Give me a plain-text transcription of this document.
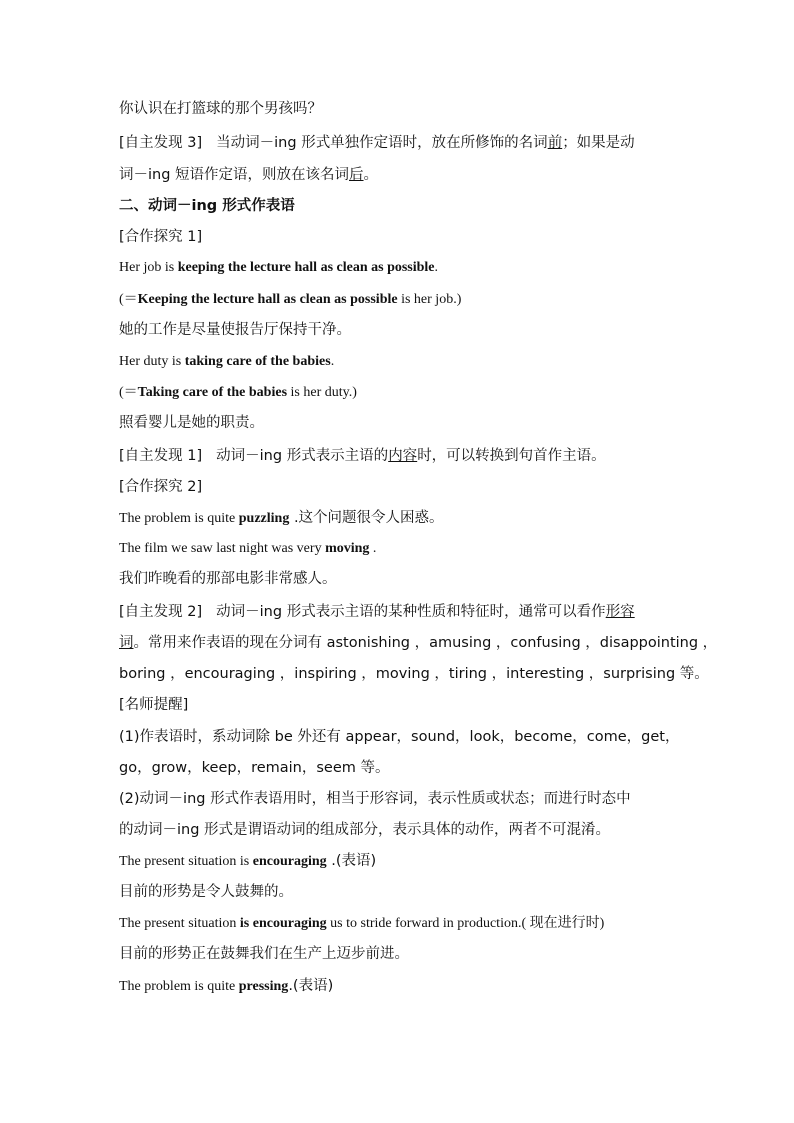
你认识在打篮球的那个男孩吗？
[自主发现 3] 当动词－ing 形式单独作定语时，放在所修饰的名词前；如果是动
词－ing 短语作定语，则放在该名词后。
二、动词－ing 形式作表语
[合作探究 1]
Her job is keeping the lecture hall as clean as possible.
(＝Keeping the lecture hall as clean as possible is her job.)
她的工作是尽量使报告厅保持干净。
Her duty is taking care of the babies.
(＝Taking care of the babies is her duty.)
照看婴儿是她的职责。
[自主发现 1] 动词－ing 形式表示主语的内容时，可以转换到句首作主语。
[合作探究 2]
The problem is quite puzzling .这个问题很令人困惑。
The film we saw last night was very moving .
我们昨晚看的那部电影非常感人。
[自主发现 2] 动词－ing 形式表示主语的某种性质和特征时，通常可以看作形容
词。常用来作表语的现在分词有 astonishing ，amusing ，confusing ，disappointing ，
boring ，encouraging ，inspiring ，moving ，tiring ，interesting ，surprising 等。
[名师提醒]
(1)作表语时，系动词除 be 外还有 appear，sound，look，become，come，get，
go，grow，keep，remain，seem 等。
(2)动词－ing 形式作表语用时，相当于形容词，表示性质或状态；而进行时态中
的动词－ing 形式是谓语动词的组成部分，表示具体的动作，两者不可混淆。
The present situation is encouraging .(表语)
目前的形势是令人鼓舞的。
The present situation is encouraging us to stride forward in production.( 现在进行时)
目前的形势正在鼓舞我们在生产上迈步前进。
The problem is quite pressing.(表语)
